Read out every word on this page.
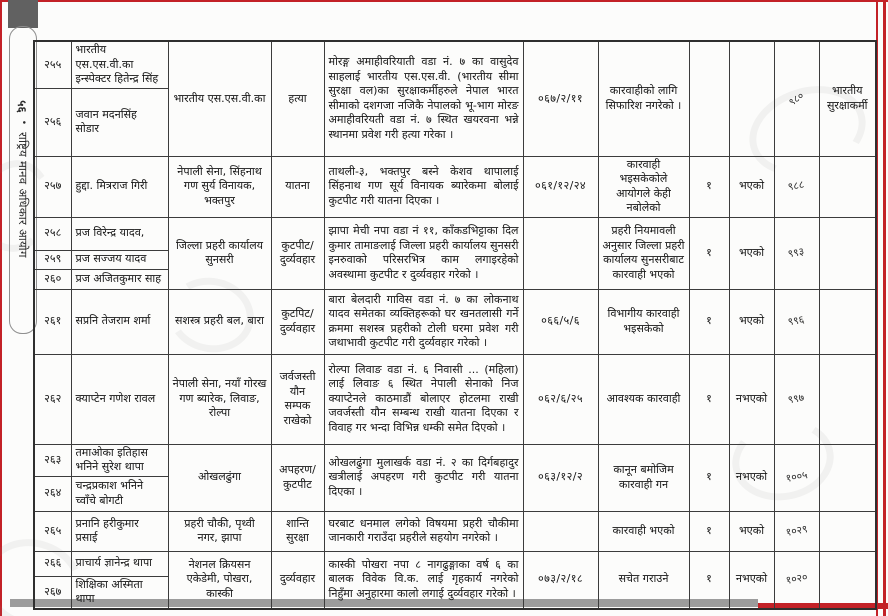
५६
•
राष्ट्रिय मानव अधिकार आयोग
२५५	भारतीय एस.एस.वी.का इन्स्पेक्टर हितेन्द्र सिंह	भारतीय एस.एस.वी.का	हत्या	मोरङ्ग अमाहीवरियाती वडा नं. ७ का वासुदेव साहलाई भारतीय एस.एस.वी. (भारतीय सीमा सुरक्षा वल)का सुरक्षाकर्मीहरुले नेपाल भारत सीमाको दशगजा नजिकै नेपालको भू-भाग मोरङ अमाहीवरियती वडा नं. ७ स्थित खयरवना भन्ने स्थानमा प्रवेश गरी हत्या गरेका ।	०६७/२/११	कारवाहीको लागि सिफारिश नगरेको ।			९८०	भारतीय सुरक्षाकर्मी
२५६	जवान मदनसिंह सोडार									
२५७	हुद्दा. मित्रराज गिरी	नेपाली सेना, सिंहनाथ गण सुर्य विनायक, भक्तपुर	यातना	ताथली-३, भक्तपुर बस्ने केशव थापालाई सिंहनाथ गण सूर्य विनायक ब्यारेकमा बोलाई कुटपीट गरी यातना दिएका ।	०६१/१२/२४	कारवाही भइसकेकोले आयोगले केही नबोलेको	१	भएको	९८८	
२५८	प्रज विरेन्द्र यादव,	जिल्ला प्रहरी कार्यालय सुनसरी	कुटपीट/ दुर्व्यवहार	झापा मेची नपा वडा नं ११, काँकडभिट्टाका दिल कुमार तामाङलाई जिल्ला प्रहरी कार्यालय सुनसरी इनरुवाको परिसरभित्र काम लगाइरहेको अवस्थामा कुटपीट र दुर्व्यवहार गरेको ।		प्रहरी नियमावली अनुसार जिल्ला प्रहरी कार्यालय सुनसरीबाट कारवाही भएको	१	भएको	९९३	
२५९	प्रज सज्जय यादव									
२६०	प्रज अजितकुमार साह									
२६१	सप्रनि तेजराम शर्मा	सशस्त्र प्रहरी बल, बारा	कुटपिट/ दुर्व्यवहार	बारा बेलदारी गाविस वडा नं. ७ का लोकनाथ यादव समेतका व्यक्तिहरूको घर खनतलासी गर्ने क्रममा सशस्त्र प्रहरीको टोली घरमा प्रवेश गरी जथाभावी कुटपीट गरी दुर्व्यवहार गरेको ।	०६६/५/६	विभागीय कारवाही भइसकेको	१	भएको	९९६	
२६२	क्याप्टेन गणेश रावल	नेपाली सेना, नयाँ गोरख गण ब्यारेक, लिवाङ, रोल्पा	जर्वजस्ती यौन सम्पक राखेको	रोल्पा लिवाङ वडा नं. ६ निवासी ... (महिला) लाई लिवाङ ६ स्थित नेपाली सेनाको निज क्याप्टेनले काठमाडौं बोलाएर होटलमा राखी जवर्जस्ती यौन सम्बन्ध राखी यातना दिएका र विवाह गर भन्दा विभिन्न धम्की समेत दिएको ।	०६२/६/२५	आवश्यक कारवाही	१	नभएको	९९७	
२६३	तमाओका इतिहास भनिने सुरेश थापा	ओखलढुंगा	अपहरण/ कुटपीट	ओखलढुंगा मुलाखर्क वडा नं. २ का दिर्गबहादुर खत्रीलाई अपहरण गरी कुटपीट गरी यातना दिएका ।	०६३/१२/२	कानून बमोजिम कारवाही गन	१	नभएको	१००५	
२६४	चन्द्रप्रकाश भनिने च्वाँचे बोगटी									
२६५	प्रनानि हरीकुमार प्रसाई	प्रहरी चौकी, पृथ्वी नगर, झापा	शान्ति सुरक्षा	घरबाट धनमाल लगेको विषयमा प्रहरी चौकीमा जानकारी गराउँदा प्रहरीले सहयोग नगरेको ।		कारवाही भएको	१	भएको	१०२९	
२६६	प्राचार्य ज्ञानेन्द्र थापा	नेशनल क्रियसन एकेडेमी, पोखरा, कास्की	दुर्व्यवहार	कास्की पोखरा नपा ८ नागढुङ्गाका वर्ष ६ का बालक विवेक वि.क. लाई गृहकार्य नगरेको निहुँमा अनुहारमा कालो लगाई दुर्व्यवहार गरेको ।	०७३/२/१८	सचेत गराउने	१	नभएको	१०२०	
२६७	शिक्षिका अस्मिता थापा									
